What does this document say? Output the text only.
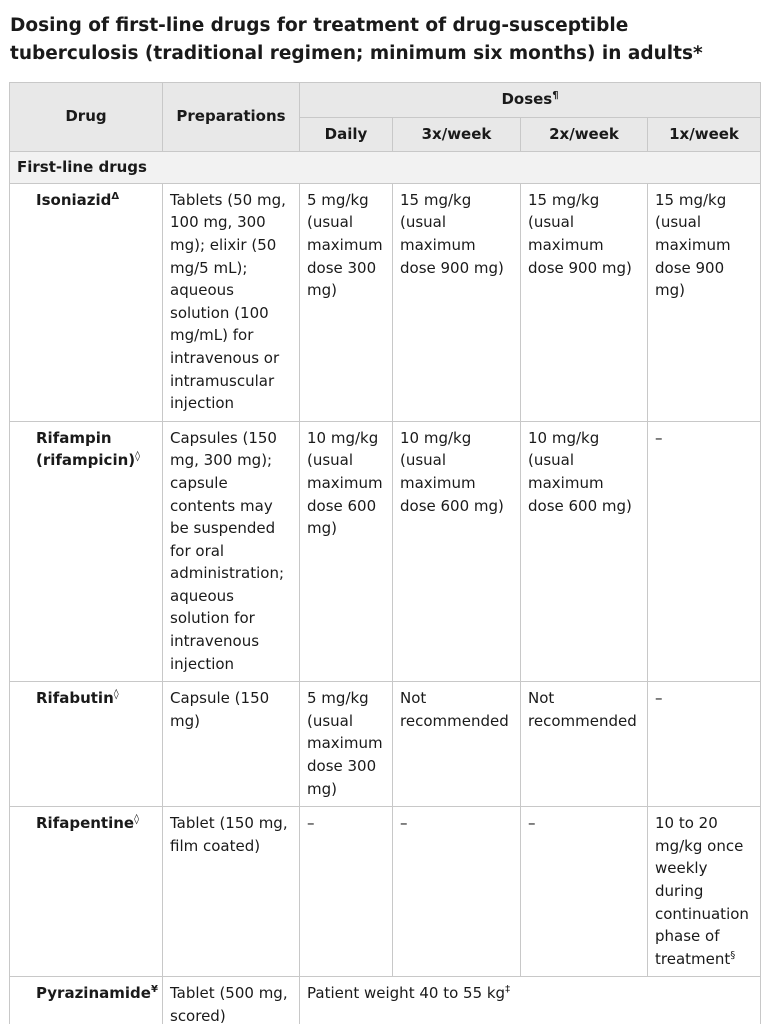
Dosing of first-line drugs for treatment of drug-susceptible tuberculosis (traditional regimen; minimum six months) in adults*
Drug	Preparations	Doses¶
		Daily	3x/week	2x/week	1x/week
First-line drugs					
Isoniazid$^\Delta$	Tablets (50 mg, 100 mg, 300 mg); elixir (50 mg/5 mL); aqueous solution (100 mg/mL) for intravenous or intramuscular injection	5 mg/kg (usual maximum dose 300 mg)	15 mg/kg (usual maximum dose 900 mg)	15 mg/kg (usual maximum dose 900 mg)	15 mg/kg (usual maximum dose 900 mg)
Rifampin (rifampicin)◊	Capsules (150 mg, 300 mg); capsule contents may be suspended for oral administration; aqueous solution for intravenous injection	10 mg/kg (usual maximum dose 600 mg)	10 mg/kg (usual maximum dose 600 mg)	10 mg/kg (usual maximum dose 600 mg)	–
Rifabutin◊	Capsule (150 mg)	5 mg/kg (usual maximum dose 300 mg)	Not recommended	Not recommended	–
Rifapentine◊	Tablet (150 mg, film coated)	–	–	–	10 to 20 mg/kg once weekly during continuation phase of treatment§
Pyrazinamide¥	Tablet (500 mg, scored)	Patient weight 40 to 55 kg‡
